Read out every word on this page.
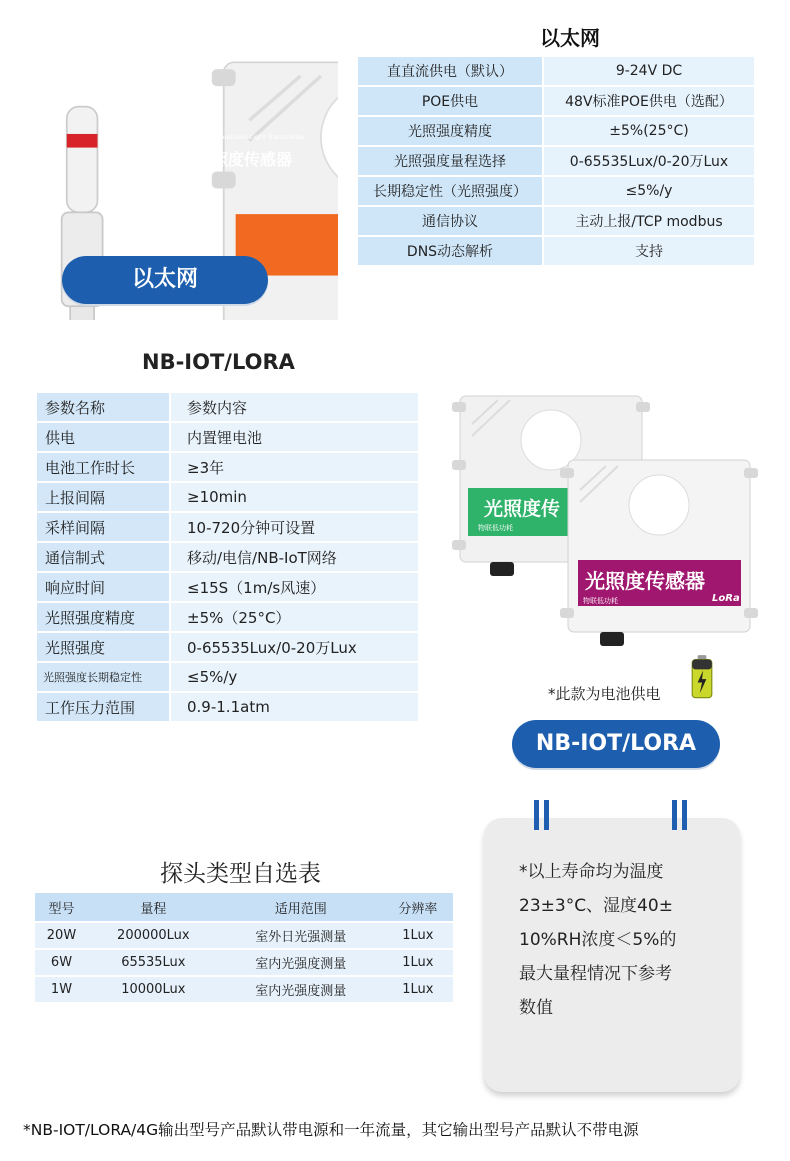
网络型	Ambient Light Transmitter
光照度传感器
以太网
直直流供电（默认）	9-24V DC
POE供电	48V标准POE供电（选配）
光照强度精度	±5%(25°C)
光照强度量程选择	0-65535Lux/0-20万Lux
长期稳定性（光照强度）	≤5%/y
通信协议	主动上报/TCP modbus
DNS动态解析	支持
以太网
NB-IOT/LORA
参数名称	参数内容
供电	内置锂电池
电池工作时长	≥3年
上报间隔	≥10min
采样间隔	10-720分钟可设置
通信制式	移动/电信/NB-IoT网络
响应时间	≤15S（1m/s风速）
光照强度精度	±5%（25°C）
光照强度	0-65535Lux/0-20万Lux
光照强度长期稳定性	≤5%/y
工作压力范围	0.9-1.1atm
光照度传
物联低功耗
光照度传感器
物联低功耗	LoRa
*此款为电池供电
NB-IOT/LORA
探头类型自选表
型号	量程	适用范围	分辨率
20W	200000Lux	室外日光强测量	1Lux
6W	65535Lux	室内光强度测量	1Lux
1W	10000Lux	室内光强度测量	1Lux
*以上寿命均为温度
23±3°C、湿度40±
10%RH浓度＜5%的
最大量程情况下参考
数值
*NB-IOT/LORA/4G输出型号产品默认带电源和一年流量，其它输出型号产品默认不带电源
